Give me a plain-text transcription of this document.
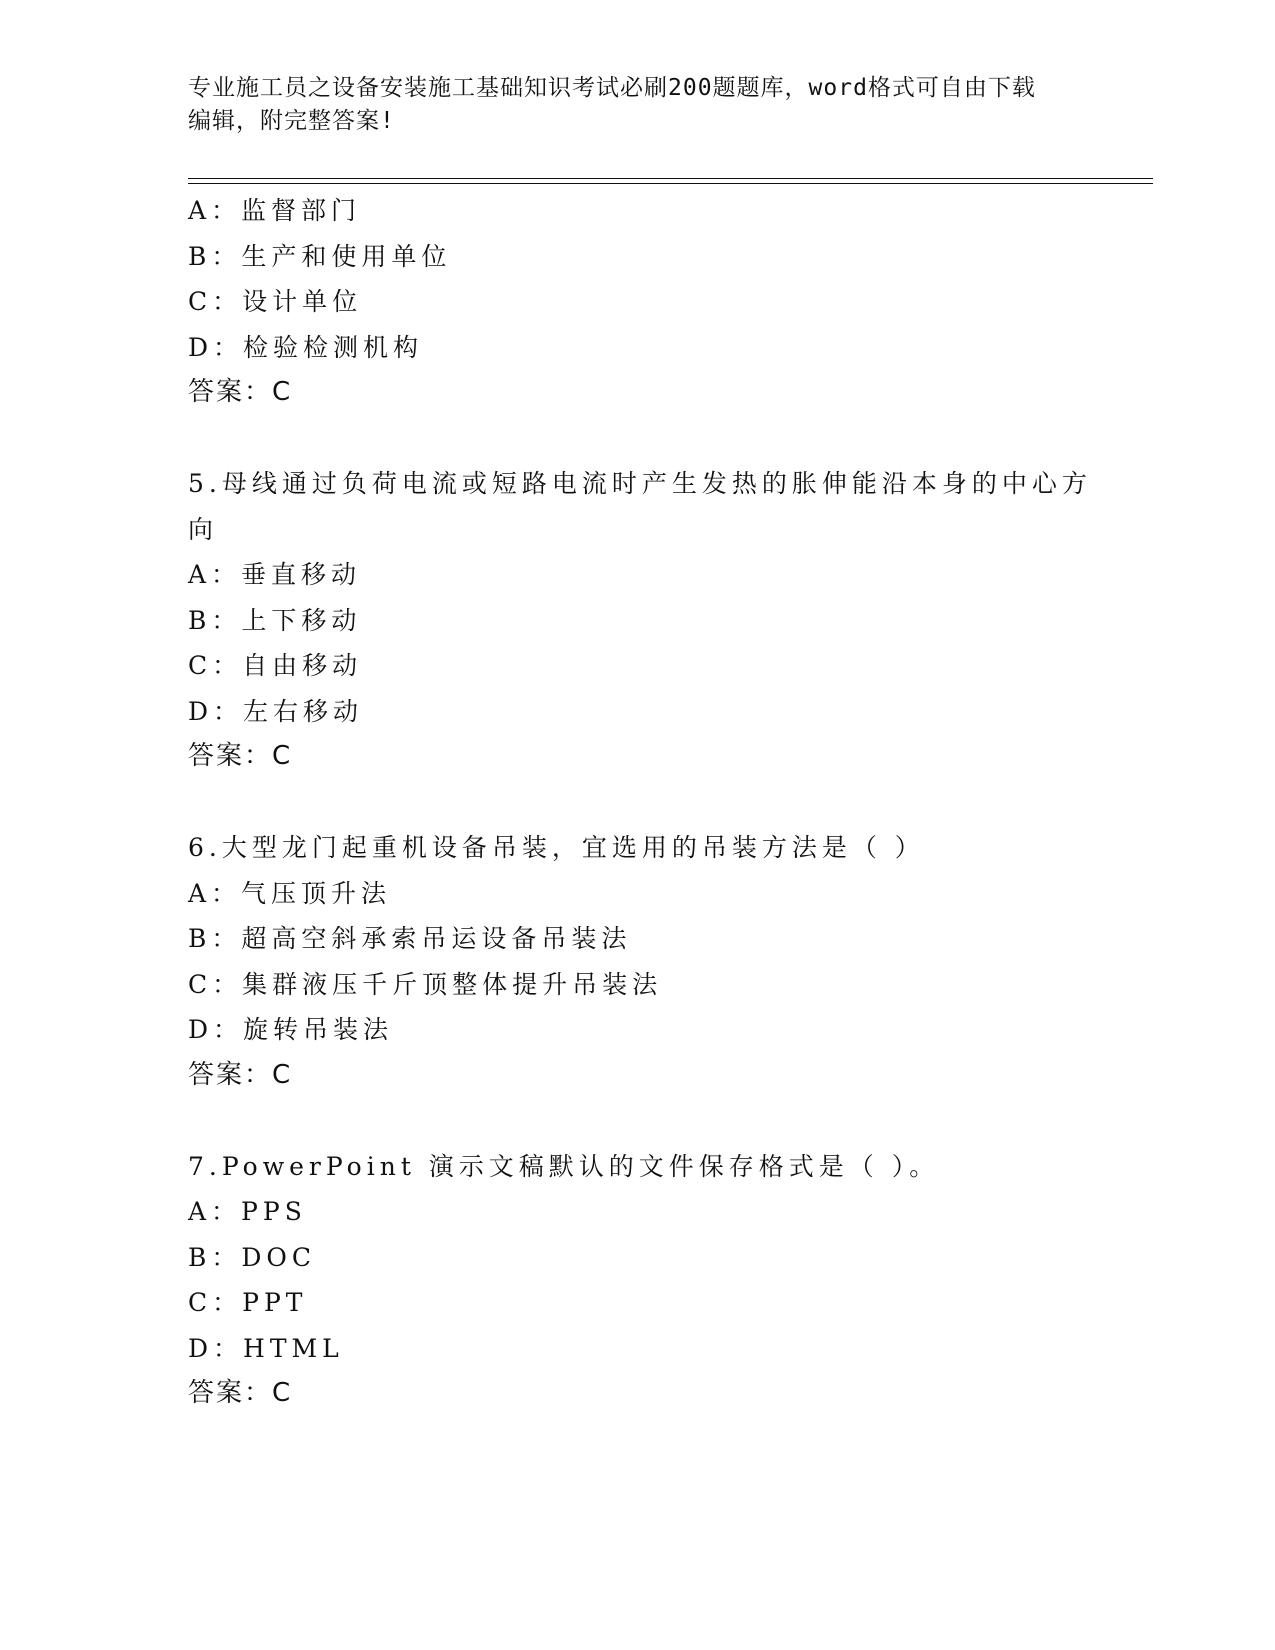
专业施工员之设备安装施工基础知识考试必刷200题题库，word格式可自由下载
编辑，附完整答案!
A：监督部门
B：生产和使用单位
C：设计单位
D：检验检测机构
答案：C
5.母线通过负荷电流或短路电流时产生发热的胀伸能沿本身的中心方
向
A：垂直移动
B：上下移动
C：自由移动
D：左右移动
答案：C
6.大型龙门起重机设备吊装，宜选用的吊装方法是（ ）
A：气压顶升法
B：超高空斜承索吊运设备吊装法
C：集群液压千斤顶整体提升吊装法
D：旋转吊装法
答案：C
7.PowerPoint 演示文稿默认的文件保存格式是（ ）。
A：PPS
B：DOC
C：PPT
D：HTML
答案：C
